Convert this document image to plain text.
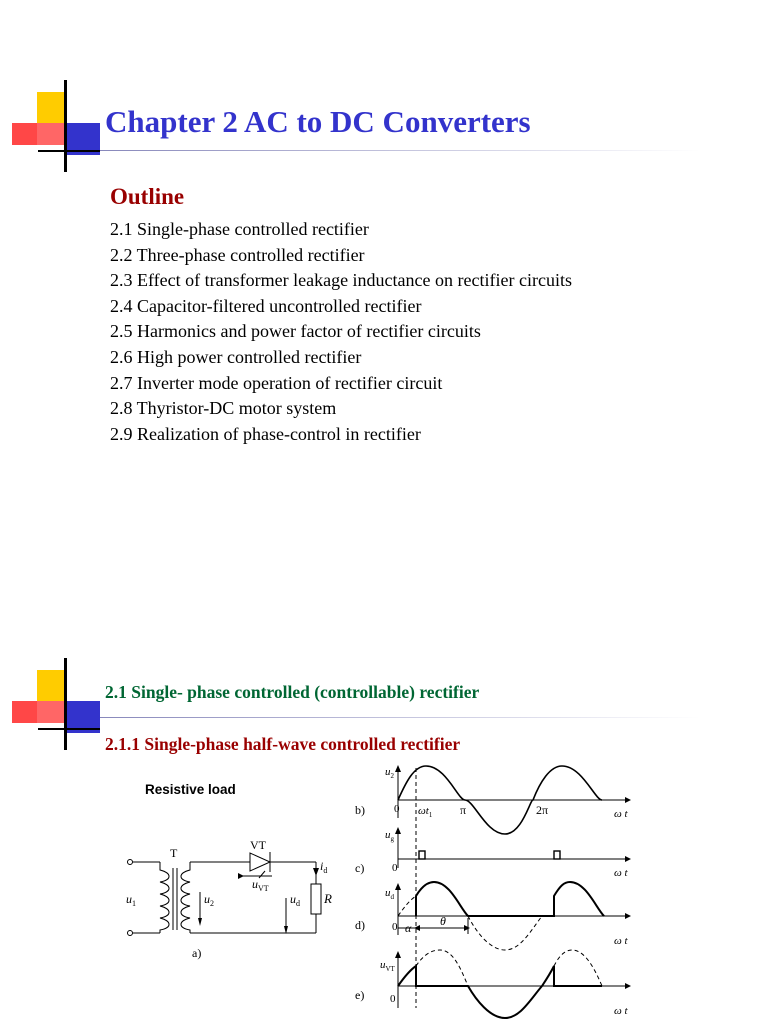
Chapter 2 AC to DC Converters
Outline
2.1 Single-phase controlled rectifier
2.2 Three-phase controlled rectifier
2.3 Effect of transformer leakage inductance on rectifier circuits
2.4 Capacitor-filtered uncontrolled rectifier
2.5 Harmonics and power factor of rectifier circuits
2.6 High power controlled rectifier
2.7 Inverter mode operation of rectifier circuit
2.8 Thyristor-DC motor system
2.9 Realization of phase-control in rectifier
2.1 Single- phase controlled (controllable) rectifier
2.1.1 Single-phase half-wave controlled rectifier
Resistive load
T
VT
$u_1$	$u_2$
$u_{VT}$
$i_d$
$u_d$ R
a)
b)
c)
d)
e)
$u_2$
$u_g$
$u_d$
$u_{VT}$
0
0
0
0
$\omega t_1$ π	2π	ω t
ω t
ω t
ω t
α θ
